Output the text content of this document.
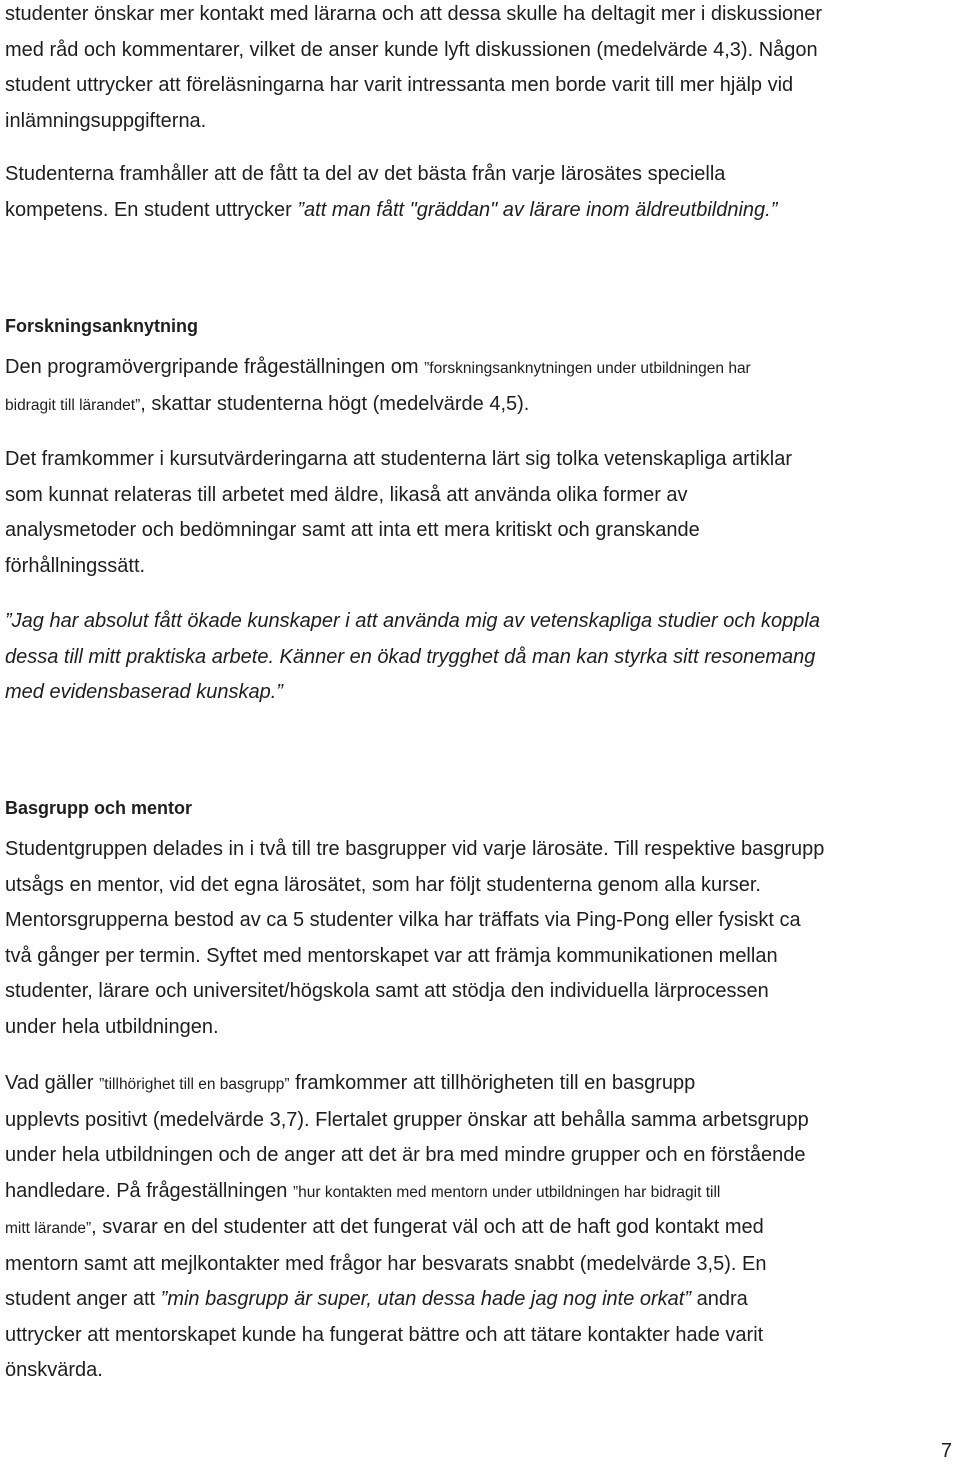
studenter önskar mer kontakt med lärarna och att dessa skulle ha deltagit mer i diskussioner
med råd och kommentarer, vilket de anser kunde lyft diskussionen (medelvärde 4,3). Någon
student uttrycker att föreläsningarna har varit intressanta men borde varit till mer hjälp vid
inlämningsuppgifterna.

Studenterna framhåller att de fått ta del av det bästa från varje lärosätes speciella
kompetens. En student uttrycker ”att man fått "gräddan" av lärare inom äldreutbildning.”

Forskningsanknytning

Den programövergripande frågeställningen om ”forskningsanknytningen under utbildningen har
bidragit till lärandet”, skattar studenterna högt (medelvärde 4,5).

Det framkommer i kursutvärderingarna att studenterna lärt sig tolka vetenskapliga artiklar
som kunnat relateras till arbetet med äldre, likaså att använda olika former av
analysmetoder och bedömningar samt att inta ett mera kritiskt och granskande
förhållningssätt.

”Jag har absolut fått ökade kunskaper i att använda mig av vetenskapliga studier och koppla
dessa till mitt praktiska arbete. Känner en ökad trygghet då man kan styrka sitt resonemang
med evidensbaserad kunskap.”

Basgrupp och mentor

Studentgruppen delades in i två till tre basgrupper vid varje lärosäte. Till respektive basgrupp
utsågs en mentor, vid det egna lärosätet, som har följt studenterna genom alla kurser.
Mentorsgrupperna bestod av ca 5 studenter vilka har träffats via Ping-Pong eller fysiskt ca
två gånger per termin. Syftet med mentorskapet var att främja kommunikationen mellan
studenter, lärare och universitet/högskola samt att stödja den individuella lärprocessen
under hela utbildningen.

Vad gäller ”tillhörighet till en basgrupp” framkommer att tillhörigheten till en basgrupp
upplevts positivt (medelvärde 3,7). Flertalet grupper önskar att behålla samma arbetsgrupp
under hela utbildningen och de anger att det är bra med mindre grupper och en förstående
handledare. På frågeställningen ”hur kontakten med mentorn under utbildningen har bidragit till
mitt lärande”, svarar en del studenter att det fungerat väl och att de haft god kontakt med
mentorn samt att mejlkontakter med frågor har besvarats snabbt (medelvärde 3,5). En
student anger att ”min basgrupp är super, utan dessa hade jag nog inte orkat” andra
uttrycker att mentorskapet kunde ha fungerat bättre och att tätare kontakter hade varit
önskvärda.

7
